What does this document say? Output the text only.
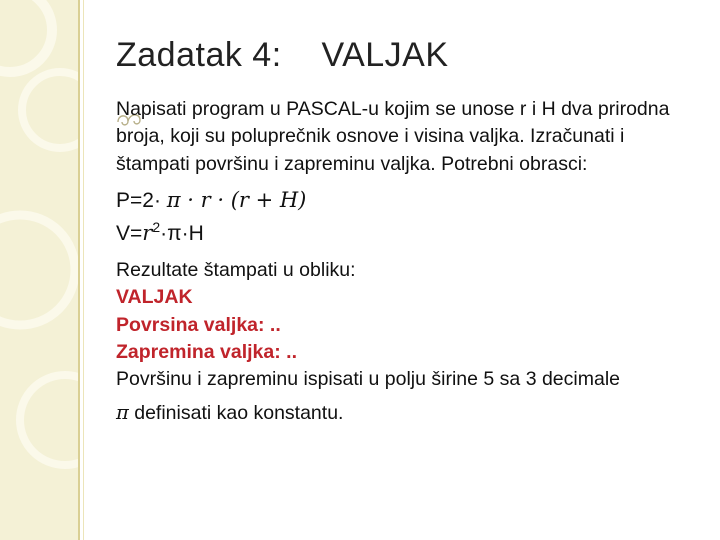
Zadatak 4:    VALJAK

Napisati program u PASCAL-u kojim se unose r i H dva prirodna broja, koji su poluprečnik osnove i visina valjka. Izračunati i štampati površinu i zapreminu valjka. Potrebni obrasci:

P=2· π · r · (r + H)
$V=r^2\cdot\pi\cdot H$

Rezultate štampati u obliku:

VALJAK

Povrsina valjka: ..

Zapremina valjka: ..

Površinu i zapreminu ispisati u polju širine 5 sa 3 decimale

π definisati kao konstantu.
